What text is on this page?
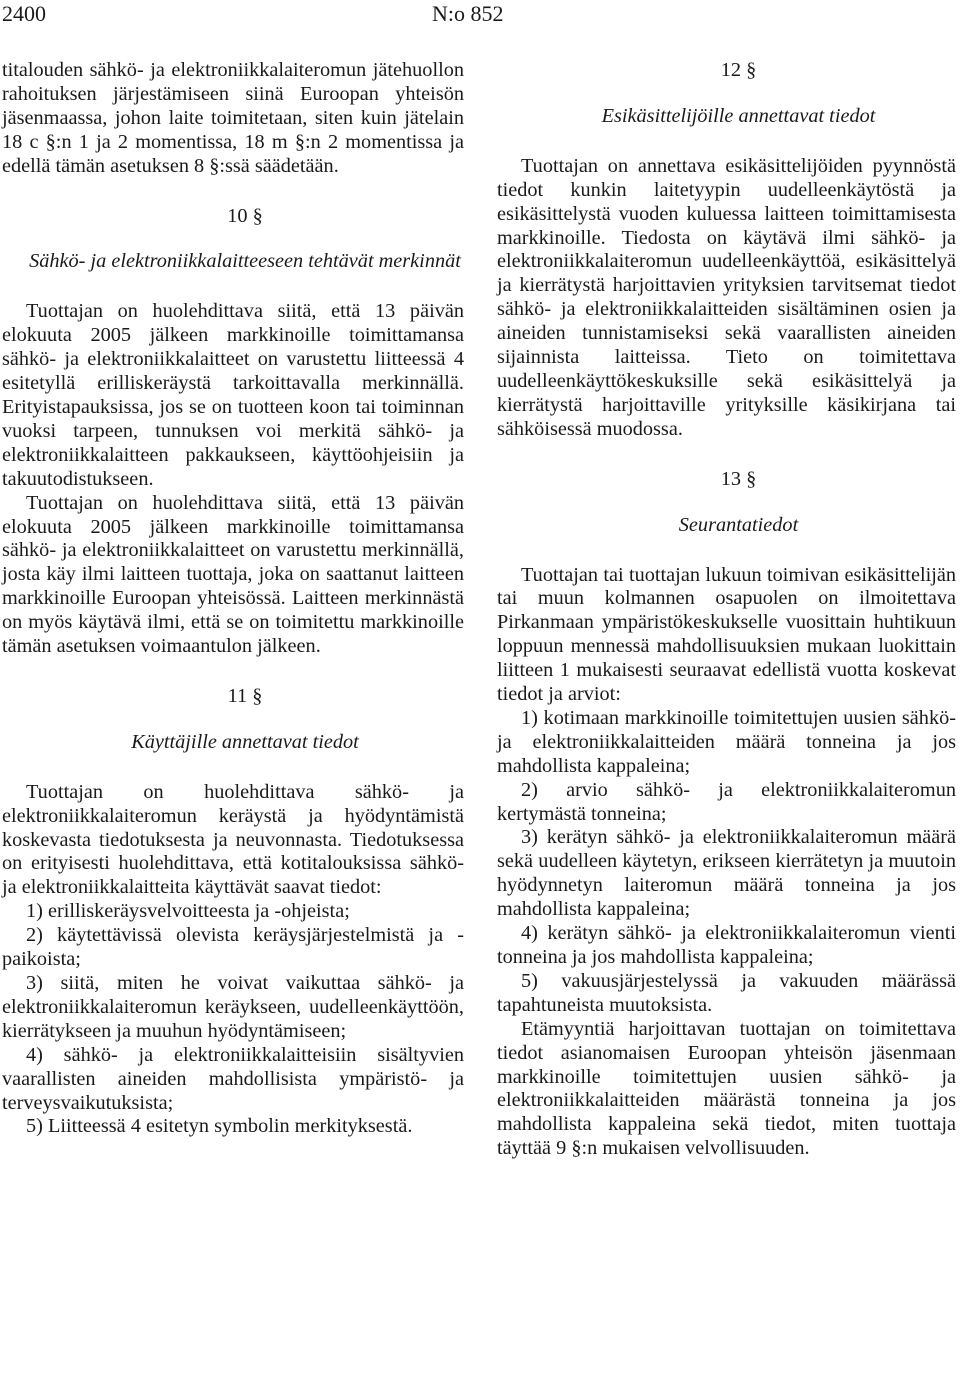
2400	N:o 852

titalouden sähkö- ja elektroniikkalaiteromun jätehuollon rahoituksen järjestämiseen siinä Euroopan yhteisön jäsenmaassa, johon laite toimitetaan, siten kuin jätelain 18 c §:n 1 ja 2 momentissa, 18 m §:n 2 momentissa ja edellä tämän asetuksen 8 §:ssä säädetään.

10 §

Sähkö- ja elektroniikkalaitteeseen tehtävät merkinnät

Tuottajan on huolehdittava siitä, että 13 päivän elokuuta 2005 jälkeen markkinoille toimittamansa sähkö- ja elektroniikkalaitteet on varustettu liitteessä 4 esitetyllä erilliskeräystä tarkoittavalla merkinnällä. Erityistapauksissa, jos se on tuotteen koon tai toiminnan vuoksi tarpeen, tunnuksen voi merkitä sähkö- ja elektroniikkalaitteen pakkaukseen, käyttöohjeisiin ja takuutodistukseen.

Tuottajan on huolehdittava siitä, että 13 päivän elokuuta 2005 jälkeen markkinoille toimittamansa sähkö- ja elektroniikkalaitteet on varustettu merkinnällä, josta käy ilmi laitteen tuottaja, joka on saattanut laitteen markkinoille Euroopan yhteisössä. Laitteen merkinnästä on myös käytävä ilmi, että se on toimitettu markkinoille tämän asetuksen voimaantulon jälkeen.

11 §

Käyttäjille annettavat tiedot

Tuottajan on huolehdittava sähkö- ja elektroniikkalaiteromun keräystä ja hyödyntämistä koskevasta tiedotuksesta ja neuvonnasta. Tiedotuksessa on erityisesti huolehdittava, että kotitalouksissa sähkö- ja elektroniikkalaitteita käyttävät saavat tiedot:

1) erilliskeräysvelvoitteesta ja -ohjeista;

2) käytettävissä olevista keräysjärjestelmistä ja -paikoista;

3) siitä, miten he voivat vaikuttaa sähkö- ja elektroniikkalaiteromun keräykseen, uudelleenkäyttöön, kierrätykseen ja muuhun hyödyntämiseen;

4) sähkö- ja elektroniikkalaitteisiin sisältyvien vaarallisten aineiden mahdollisista ympäristö- ja terveysvaikutuksista;

5) Liitteessä 4 esitetyn symbolin merkityksestä.

12 §

Esikäsittelijöille annettavat tiedot

Tuottajan on annettava esikäsittelijöiden pyynnöstä tiedot kunkin laitetyypin uudelleenkäytöstä ja esikäsittelystä vuoden kuluessa laitteen toimittamisesta markkinoille. Tiedosta on käytävä ilmi sähkö- ja elektroniikkalaiteromun uudelleenkäyttöä, esikäsittelyä ja kierrätystä harjoittavien yrityksien tarvitsemat tiedot sähkö- ja elektroniikkalaitteiden sisältäminen osien ja aineiden tunnistamiseksi sekä vaarallisten aineiden sijainnista laitteissa. Tieto on toimitettava uudelleenkäyttökeskuksille sekä esikäsittelyä ja kierrätystä harjoittaville yrityksille käsikirjana tai sähköisessä muodossa.

13 §

Seurantatiedot

Tuottajan tai tuottajan lukuun toimivan esikäsittelijän tai muun kolmannen osapuolen on ilmoitettava Pirkanmaan ympäristökeskukselle vuosittain huhtikuun loppuun mennessä mahdollisuuksien mukaan luokittain liitteen 1 mukaisesti seuraavat edellistä vuotta koskevat tiedot ja arviot:

1) kotimaan markkinoille toimitettujen uusien sähkö- ja elektroniikkalaitteiden määrä tonneina ja jos mahdollista kappaleina;

2) arvio sähkö- ja elektroniikkalaiteromun kertymästä tonneina;

3) kerätyn sähkö- ja elektroniikkalaiteromun määrä sekä uudelleen käytetyn, erikseen kierrätetyn ja muutoin hyödynnetyn laiteromun määrä tonneina ja jos mahdollista kappaleina;

4) kerätyn sähkö- ja elektroniikkalaiteromun vienti tonneina ja jos mahdollista kappaleina;

5) vakuusjärjestelyssä ja vakuuden määrässä tapahtuneista muutoksista.

Etämyyntiä harjoittavan tuottajan on toimitettava tiedot asianomaisen Euroopan yhteisön jäsenmaan markkinoille toimitettujen uusien sähkö- ja elektroniikkalaitteiden määrästä tonneina ja jos mahdollista kappaleina sekä tiedot, miten tuottaja täyttää 9 §:n mukaisen velvollisuuden.
